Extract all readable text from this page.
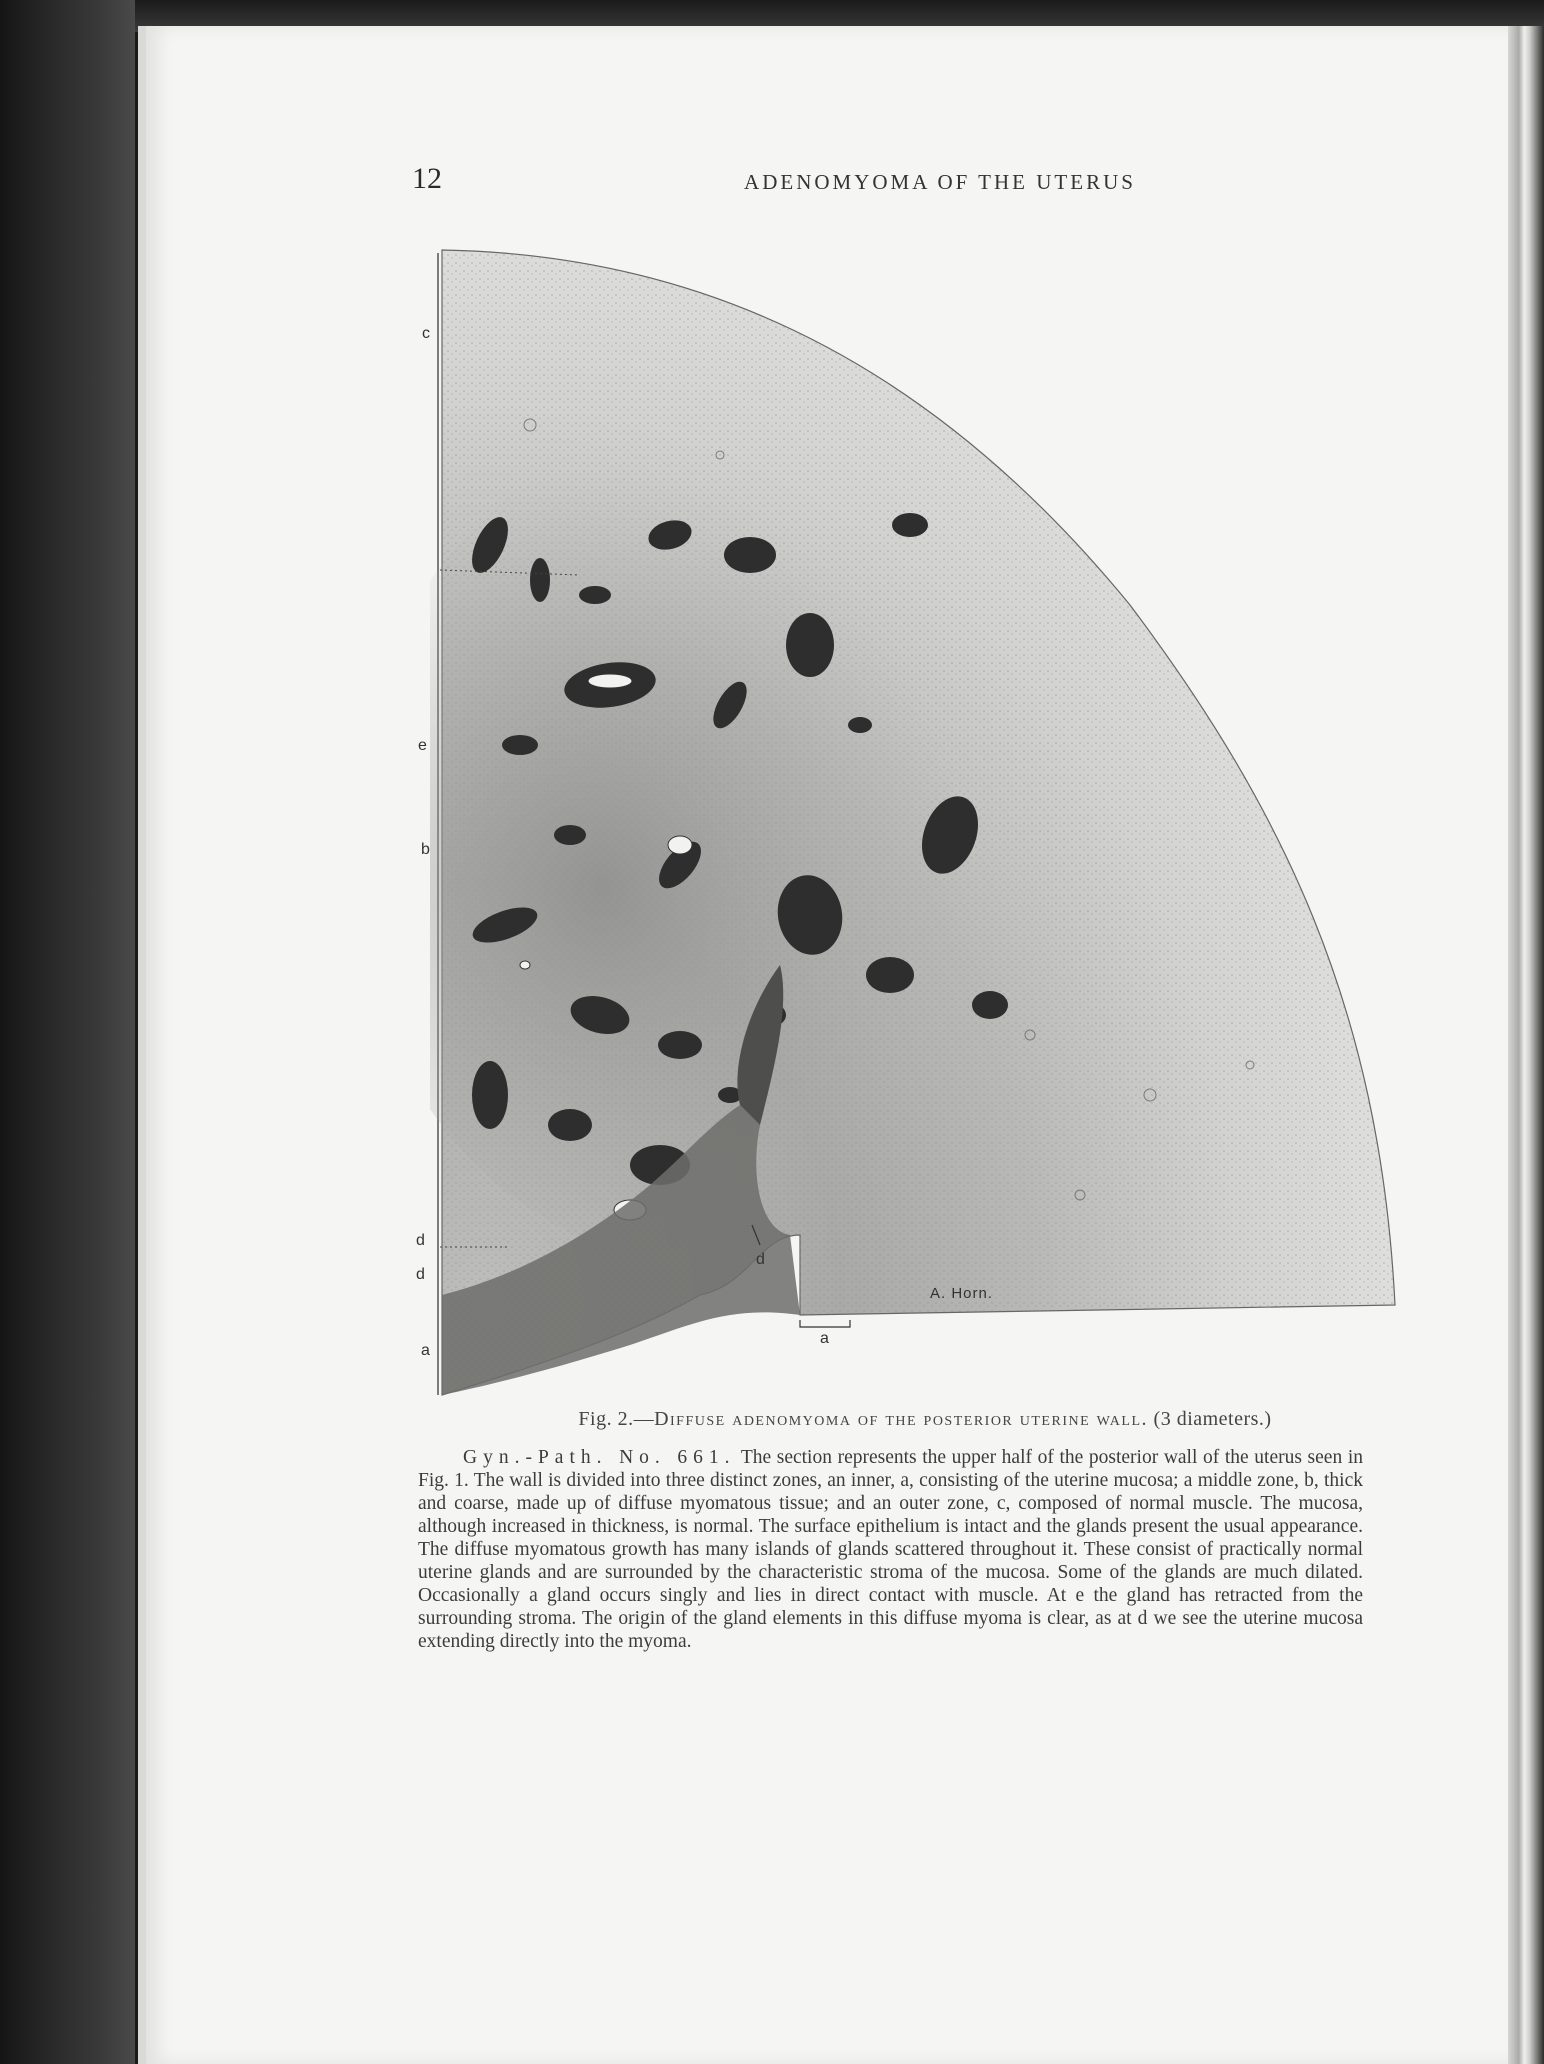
12	ADENOMYOMA OF THE UTERUS
c
e
b
d
d
a
d
a
A. Horn.
Fig. 2.—Diffuse adenomyoma of the posterior uterine wall. (3 diameters.)

Gyn.-Path. No. 661. The section represents the upper half of the posterior wall of the uterus seen in Fig. 1. The wall is divided into three distinct zones, an inner, a, consisting of the uterine mucosa; a middle zone, b, thick and coarse, made up of diffuse myomatous tissue; and an outer zone, c, composed of normal muscle. The mucosa, although increased in thickness, is normal. The surface epithelium is intact and the glands present the usual appearance. The diffuse myomatous growth has many islands of glands scattered throughout it. These consist of practically normal uterine glands and are surrounded by the characteristic stroma of the mucosa. Some of the glands are much dilated. Occasionally a gland occurs singly and lies in direct contact with muscle. At e the gland has retracted from the surrounding stroma. The origin of the gland elements in this diffuse myoma is clear, as at d we see the uterine mucosa extending directly into the myoma.
